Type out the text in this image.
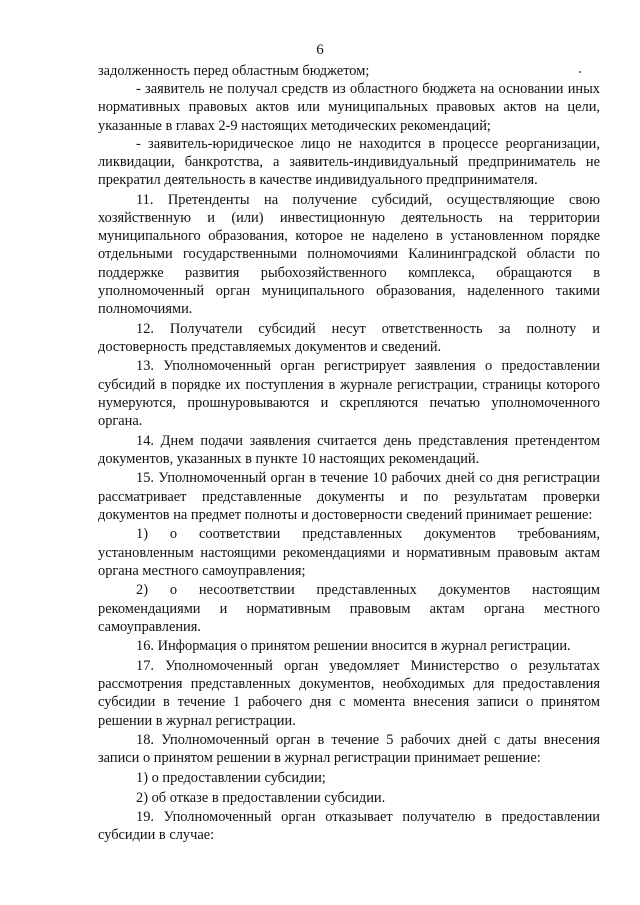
6

задолженность перед областным бюджетом;

- заявитель не получал средств из областного бюджета на основании иных нормативных правовых актов или муниципальных правовых актов на цели, указанные в главах 2-9 настоящих методических рекомендаций;

- заявитель-юридическое лицо не находится в процессе реорганизации, ликвидации, банкротства, а заявитель-индивидуальный предприниматель не прекратил деятельность в качестве индивидуального предпринимателя.

11. Претенденты на получение субсидий, осуществляющие свою хозяйственную и (или) инвестиционную деятельность на территории муниципального образования, которое не наделено в установленном порядке отдельными государственными полномочиями Калининградской области по поддержке развития рыбохозяйственного комплекса, обращаются в уполномоченный орган муниципального образования, наделенного такими полномочиями.

12. Получатели субсидий несут ответственность за полноту и достоверность представляемых документов и сведений.

13. Уполномоченный орган регистрирует заявления о предоставлении субсидий в порядке их поступления в журнале регистрации, страницы которого нумеруются, прошнуровываются и скрепляются печатью уполномоченного органа.

14. Днем подачи заявления считается день представления претендентом документов, указанных в пункте 10 настоящих рекомендаций.

15. Уполномоченный орган в течение 10 рабочих дней со дня регистрации рассматривает представленные документы и по результатам проверки документов на предмет полноты и достоверности сведений принимает решение:

1) о соответствии представленных документов требованиям, установленным настоящими рекомендациями и нормативным правовым актам органа местного самоуправления;

2) о несоответствии представленных документов настоящим рекомендациями и нормативным правовым актам органа местного самоуправления.

16. Информация о принятом решении вносится в журнал регистрации.

17. Уполномоченный орган уведомляет Министерство о результатах рассмотрения представленных документов, необходимых для предоставления субсидии в течение 1 рабочего дня с момента внесения записи о принятом решении в журнал регистрации.

18. Уполномоченный орган в течение 5 рабочих дней с даты внесения записи о принятом решении в журнал регистрации принимает решение:

1) о предоставлении субсидии;

2) об отказе в предоставлении субсидии.

19. Уполномоченный орган отказывает получателю в предоставлении субсидии в случае:
